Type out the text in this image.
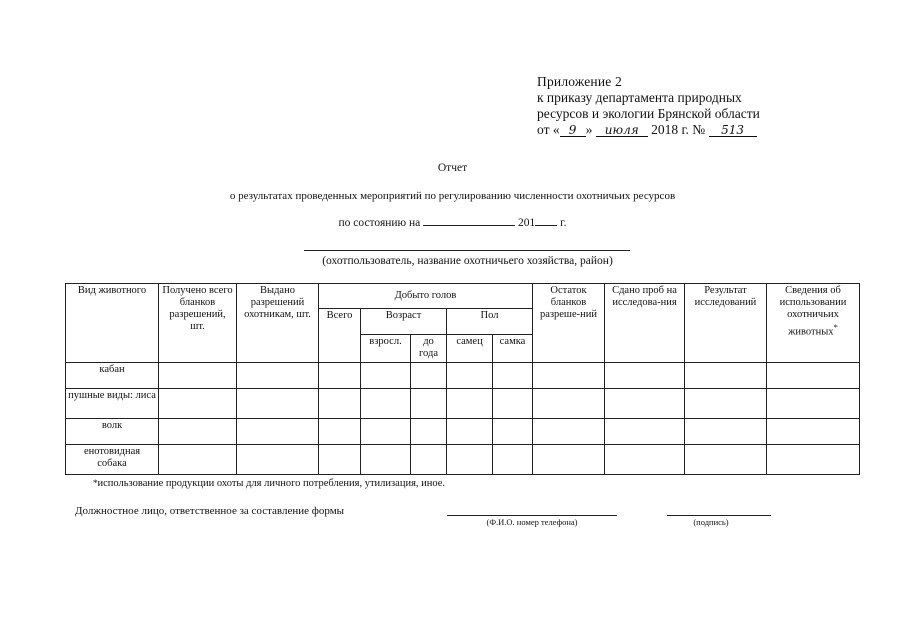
Приложение 2
к приказу департамента природных
ресурсов и экологии Брянской области
от « 9 » июля 2018 г. № 513
Отчет
о результатах проведенных мероприятий по регулированию численности охотничьих ресурсов
по состоянию на	201 г.
(охотпользователь, название охотничьего хозяйства, район)
Вид животного	Получено всего бланков разрешений, шт.	Выдано разрешений охотникам, шт.	Добыто голов					Остаток бланков разреше-ний	Сдано проб на исследова-ния	Результат исследований	Сведения об использовании охотничьих животных*
			Всего	Возраст		Пол					
				взросл.	до года	самец	самка				
кабан											
пушные виды: лиса											
волк											
енотовидная собака											
*использование продукции охоты для личного потребления, утилизация, иное.
Должностное лицо, ответственное за составление формы
(Ф.И.О. номер телефона)	(подпись)
